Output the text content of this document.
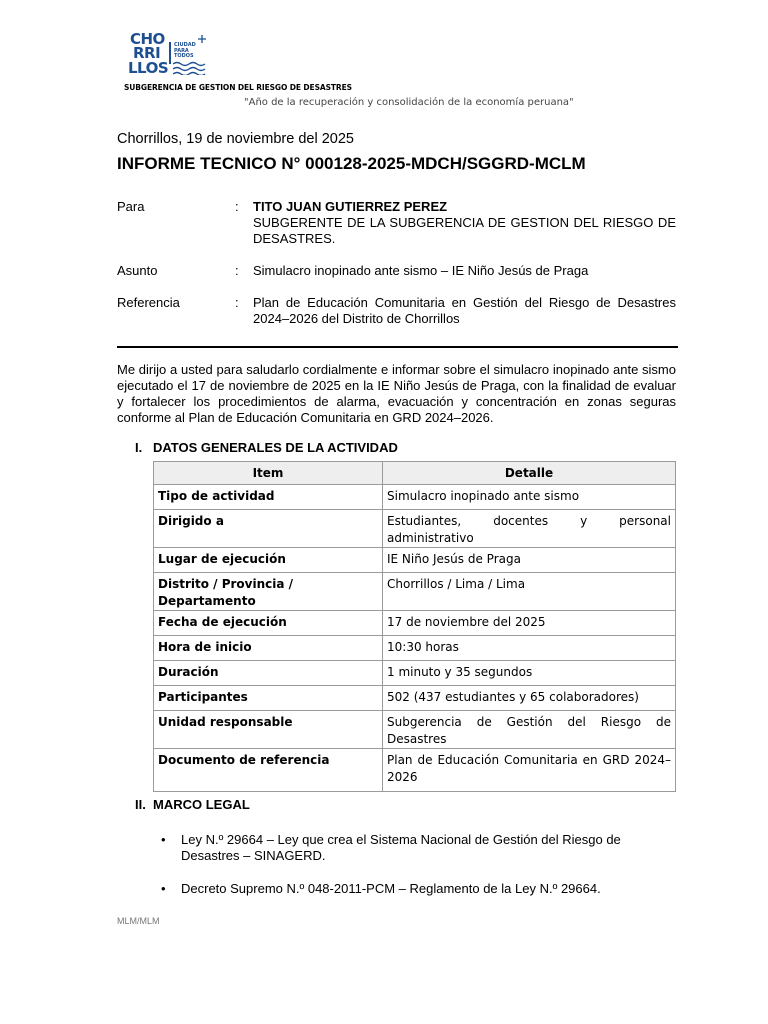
CHO
RRI
LLOS
CIUDAD PARA TODOS
SUBGERENCIA DE GESTION DEL RIESGO DE DESASTRES
"Año de la recuperación y consolidación de la economía peruana"
Chorrillos, 19 de noviembre del 2025
INFORME TECNICO N° 000128-2025-MDCH/SGGRD-MCLM
Para	: TITO JUAN GUTIERREZ PEREZ
SUBGERENTE DE LA SUBGERENCIA DE GESTION DEL RIESGO DE DESASTRES.
Asunto	: Simulacro inopinado ante sismo – IE Niño Jesús de Praga
Referencia	: Plan de Educación Comunitaria en Gestión del Riesgo de Desastres 2024–2026 del Distrito de Chorrillos
Me dirijo a usted para saludarlo cordialmente e informar sobre el simulacro inopinado ante sismo ejecutado el 17 de noviembre de 2025 en la IE Niño Jesús de Praga, con la finalidad de evaluar y fortalecer los procedimientos de alarma, evacuación y concentración en zonas seguras conforme al Plan de Educación Comunitaria en GRD 2024–2026.
I. DATOS GENERALES DE LA ACTIVIDAD
Item	Detalle
Tipo de actividad	Simulacro inopinado ante sismo
Dirigido a	Estudiantes, docentes y personal administrativo
Lugar de ejecución	IE Niño Jesús de Praga
Distrito / Provincia / Departamento	Chorrillos / Lima / Lima
Fecha de ejecución	17 de noviembre del 2025
Hora de inicio	10:30 horas
Duración	1 minuto y 35 segundos
Participantes	502 (437 estudiantes y 65 colaboradores)
Unidad responsable	Subgerencia de Gestión del Riesgo de Desastres
Documento de referencia	Plan de Educación Comunitaria en GRD 2024–2026
II. MARCO LEGAL
• Ley N.º 29664 – Ley que crea el Sistema Nacional de Gestión del Riesgo de Desastres – SINAGERD.
• Decreto Supremo N.º 048-2011-PCM – Reglamento de la Ley N.º 29664.
MLM/MLM
